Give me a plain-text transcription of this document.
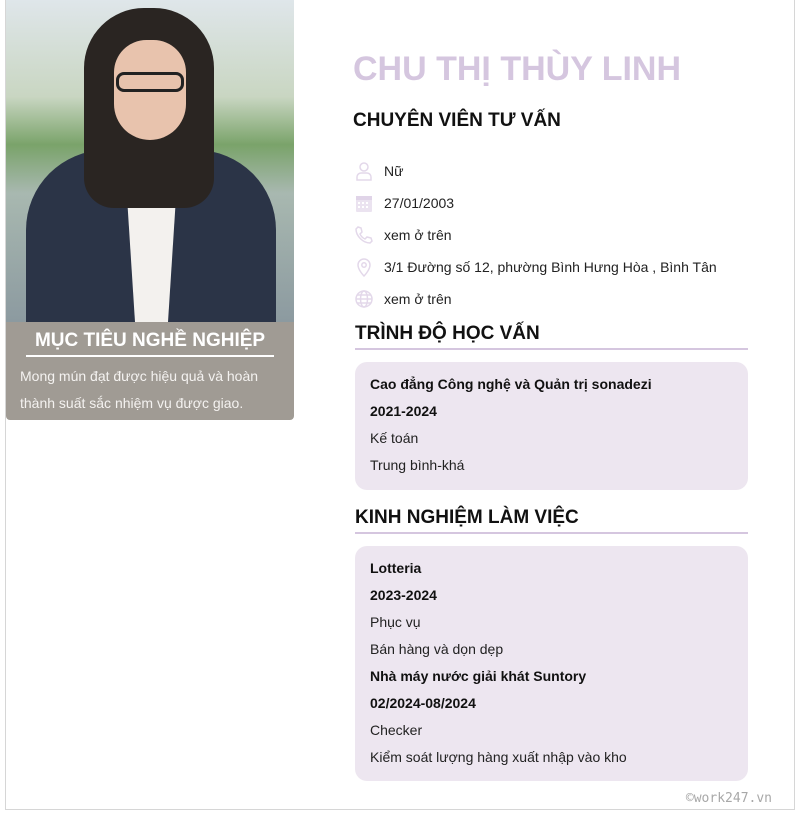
MỤC TIÊU NGHỀ NGHIỆP

Mong mún đạt được hiệu quả và hoàn thành suất sắc nhiệm vụ được giao.

CHU THỊ THÙY LINH
CHUYÊN VIÊN TƯ VẤN
Nữ
27/01/2003
xem ở trên
3/1 Đường số 12, phường Bình Hưng Hòa , Bình Tân
xem ở trên
TRÌNH ĐỘ HỌC VẤN
Cao đẳng Công nghệ và Quản trị sonadezi
2021-2024
Kế toán
Trung bình-khá
KINH NGHIỆM LÀM VIỆC
Lotteria
2023-2024
Phục vụ
Bán hàng và dọn dẹp
Nhà máy nước giải khát Suntory
02/2024-08/2024
Checker
Kiểm soát lượng hàng xuất nhập vào kho
©work247.vn
